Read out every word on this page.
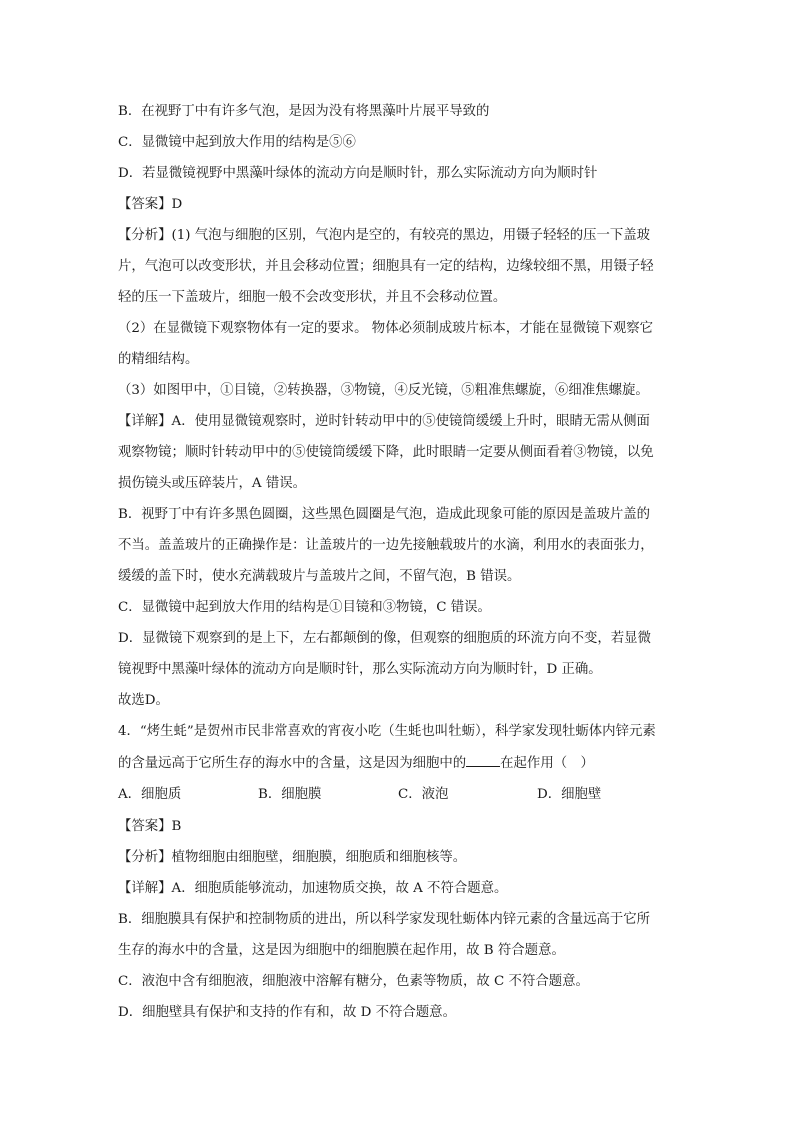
B．在视野丁中有许多气泡，是因为没有将黑藻叶片展平导致的
C．显微镜中起到放大作用的结构是⑤⑥
D．若显微镜视野中黑藻叶绿体的流动方向是顺时针，那么实际流动方向为顺时针
【答案】D
【分析】(1) 气泡与细胞的区别，气泡内是空的，有较亮的黑边，用镊子轻轻的压一下盖玻
片，气泡可以改变形状，并且会移动位置；细胞具有一定的结构，边缘较细不黑，用镊子轻
轻的压一下盖玻片，细胞一般不会改变形状，并且不会移动位置。
（2）在显微镜下观察物体有一定的要求。 物体必须制成玻片标本，才能在显微镜下观察它
的精细结构。
（3）如图甲中，①目镜，②转换器，③物镜，④反光镜，⑤粗准焦螺旋，⑥细准焦螺旋。
【详解】A．使用显微镜观察时，逆时针转动甲中的⑤使镜筒缓缓上升时，眼睛无需从侧面
观察物镜；顺时针转动甲中的⑤使镜筒缓缓下降，此时眼睛一定要从侧面看着③物镜，以免
损伤镜头或压碎装片，A 错误。
B．视野丁中有许多黑色圆圈，这些黑色圆圈是气泡，造成此现象可能的原因是盖玻片盖的
不当。盖盖玻片的正确操作是：让盖玻片的一边先接触载玻片的水滴，利用水的表面张力，
缓缓的盖下时，使水充满载玻片与盖玻片之间，不留气泡，B 错误。
C．显微镜中起到放大作用的结构是①目镜和③物镜，C 错误。
D．显微镜下观察到的是上下，左右都颠倒的像，但观察的细胞质的环流方向不变，若显微
镜视野中黑藻叶绿体的流动方向是顺时针，那么实际流动方向为顺时针，D 正确。
故选D。
4．“烤生蚝”是贺州市民非常喜欢的宵夜小吃（生蚝也叫牡蛎），科学家发现牡蛎体内锌元素
的含量远高于它所生存的海水中的含量，这是因为细胞中的	在起作用（　）
A．细胞质	B．细胞膜	C．液泡	D．细胞壁
【答案】B
【分析】植物细胞由细胞壁，细胞膜，细胞质和细胞核等。
【详解】A．细胞质能够流动，加速物质交换，故 A 不符合题意。
B．细胞膜具有保护和控制物质的进出，所以科学家发现牡蛎体内锌元素的含量远高于它所
生存的海水中的含量，这是因为细胞中的细胞膜在起作用，故 B 符合题意。
C．液泡中含有细胞液，细胞液中溶解有糖分，色素等物质，故 C 不符合题意。
D．细胞壁具有保护和支持的作有和，故 D 不符合题意。
